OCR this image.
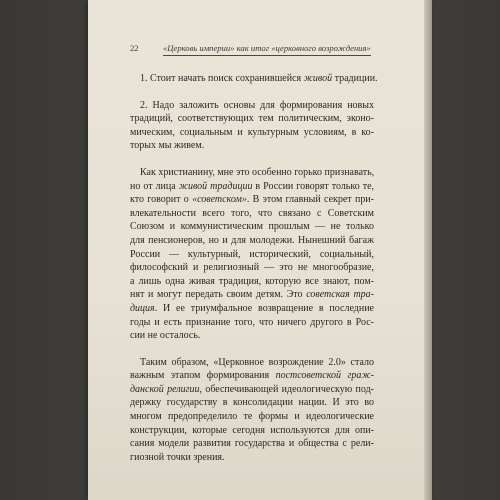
22	«Церковь империи» как итог «церковного возрождения»
1. Стоит начать поиск сохранившейся живой традиции.
2. Надо заложить основы для формирования новых
традиций, соответствующих тем политическим, эконо-
мическим, социальным и культурным условиям, в ко-
торых мы живем.
Как христианину, мне это особенно горько признавать,
но от лица живой традиции в России говорят только те,
кто говорит о «советском». В этом главный секрет при-
влекательности всего того, что связано с Советским
Союзом и коммунистическим прошлым — не только
для пенсионеров, но и для молодежи. Нынешний багаж
России — культурный, исторический, социальный,
философский и религиозный — это не многообразие,
а лишь одна живая традиция, которую все знают, пом-
нят и могут передать своим детям. Это советская тра-
диция. И ее триумфальное возвращение в последние
годы и есть признание того, что ничего другого в Рос-
сии не осталось.
Таким образом, «Церковное возрождение 2.0» стало
важным этапом формирования постсоветской граж-
данской религии, обеспечивающей идеологическую под-
держку государству в консолидации нации. И это во
многом предопределило те формы и идеологические
конструкции, которые сегодня используются для опи-
сания модели развития государства и общества с рели-
гиозной точки зрения.
